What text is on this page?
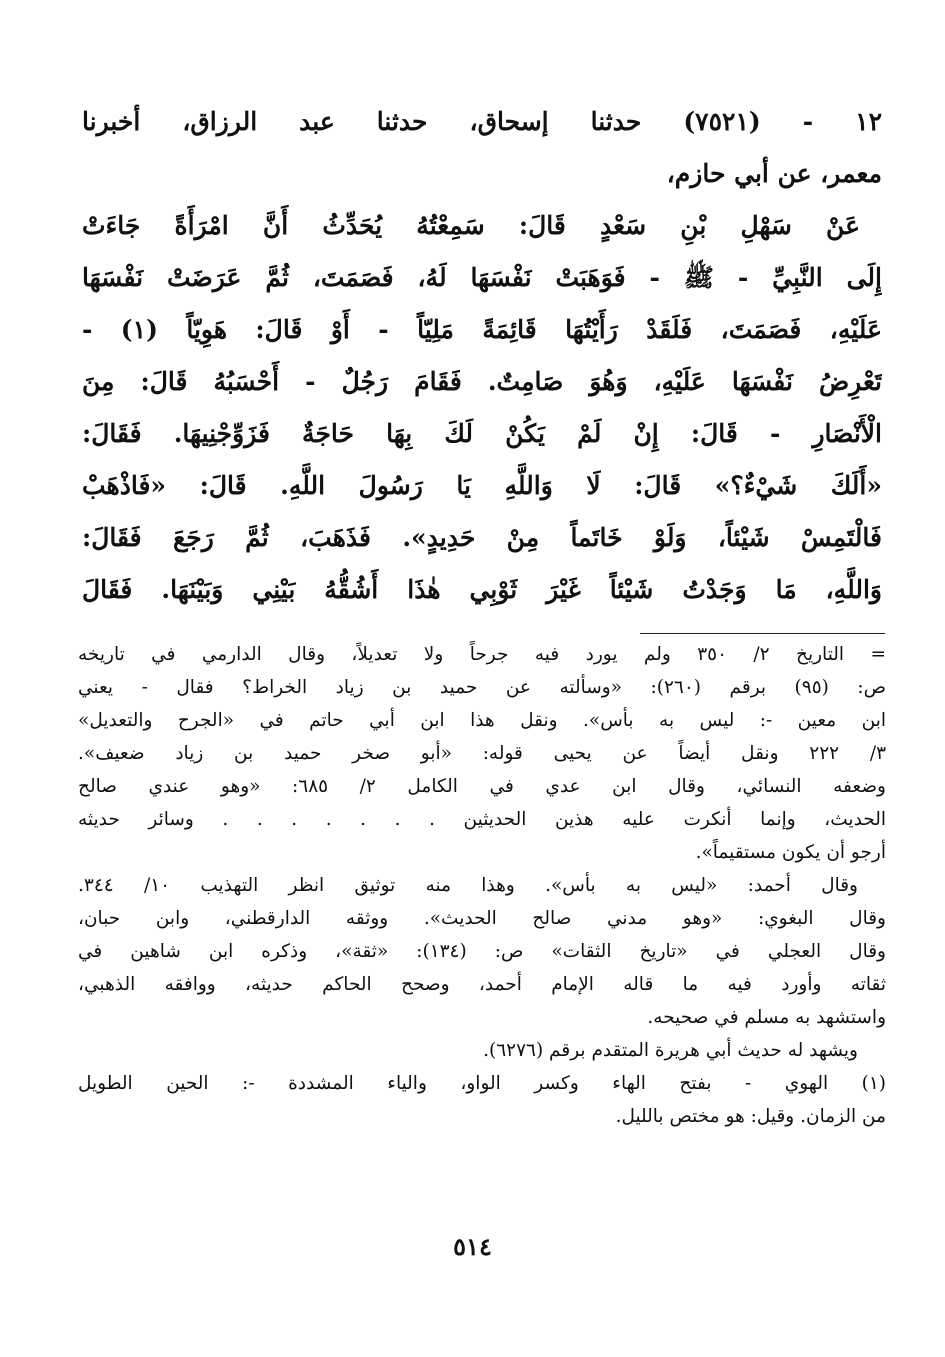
١٢ - (٧٥٢١) حدثنا إسحاق، حدثنا عبد الرزاق، أخبرنا
معمر، عن أبي حازم،
عَنْ سَهْلِ بْنِ سَعْدٍ قَالَ: سَمِعْتُهُ يُحَدِّثُ أَنَّ امْرَأَةً جَاءَتْ
إِلَى النَّبِيِّ - ﷺ - فَوَهَبَتْ نَفْسَهَا لَهُ، فَصَمَتَ، ثُمَّ عَرَضَتْ نَفْسَهَا
عَلَيْهِ، فَصَمَتَ، فَلَقَدْ رَأَيْتُهَا قَائِمَةً مَلِيّاً - أَوْ قَالَ: هَوِيّاً (١) -
تَعْرِضُ نَفْسَهَا عَلَيْهِ، وَهُوَ صَامِتٌ. فَقَامَ رَجُلٌ - أَحْسَبُهُ قَالَ: مِنَ
الْأَنْصَارِ - قَالَ: إِنْ لَمْ يَكُنْ لَكَ بِهَا حَاجَةٌ فَزَوِّجْنِيهَا. فَقَالَ:
«أَلَكَ شَيْءٌ؟» قَالَ: لَا وَاللَّهِ يَا رَسُولَ اللَّهِ. قَالَ: «فَاذْهَبْ
فَالْتَمِسْ شَيْئاً، وَلَوْ خَاتَماً مِنْ حَدِيدٍ». فَذَهَبَ، ثُمَّ رَجَعَ فَقَالَ:
وَاللَّهِ، مَا وَجَدْتُ شَيْئاً غَيْرَ ثَوْبِي هٰذَا أَشُقُّهُ بَيْنِي وَبَيْنَهَا. فَقَالَ
= التاريخ ٢/ ٣٥٠ ولم يورد فيه جرحاً ولا تعديلاً، وقال الدارمي في تاريخه
ص: (٩٥) برقم (٢٦٠): «وسألته عن حميد بن زياد الخراط؟ فقال - يعني
ابن معين -: ليس به بأس». ونقل هذا ابن أبي حاتم في «الجرح والتعديل»
٣/ ٢٢٢ ونقل أيضاً عن يحيى قوله: «أبو صخر حميد بن زياد ضعيف».
وضعفه النسائي، وقال ابن عدي في الكامل ٢/ ٦٨٥: «وهو عندي صالح
الحديث، وإنما أنكرت عليه هذين الحديثين . . . . . . . وسائر حديثه
أرجو أن يكون مستقيماً».
وقال أحمد: «ليس به بأس». وهذا منه توثيق انظر التهذيب ١٠/ ٣٤٤.
وقال البغوي: «وهو مدني صالح الحديث». ووثقه الدارقطني، وابن حبان،
وقال العجلي في «تاريخ الثقات» ص: (١٣٤): «ثقة»، وذكره ابن شاهين في
ثقاته وأورد فيه ما قاله الإمام أحمد، وصحح الحاكم حديثه، ووافقه الذهبي،
واستشهد به مسلم في صحيحه.
ويشهد له حديث أبي هريرة المتقدم برقم (٦٢٧٦).
(١) الهوي - بفتح الهاء وكسر الواو، والياء المشددة -: الحين الطويل
من الزمان. وقيل: هو مختص بالليل.
٥١٤
